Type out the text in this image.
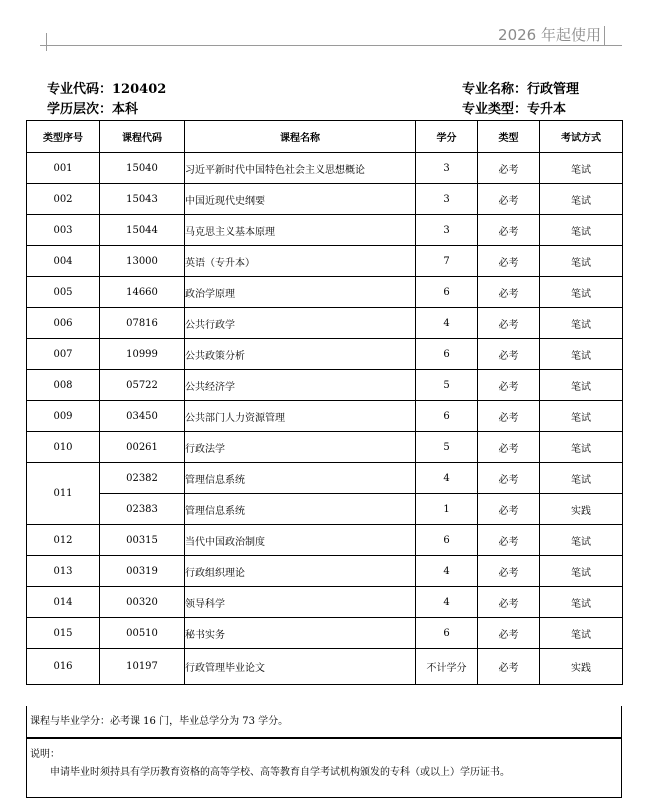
2026 年起使用
专业代码：120402
学历层次：本科
专业名称：行政管理
专业类型：专升本
类型序号	课程代码	课程名称	学分	类型	考试方式
001	15040	习近平新时代中国特色社会主义思想概论	3	必考	笔试
002	15043	中国近现代史纲要	3	必考	笔试
003	15044	马克思主义基本原理	3	必考	笔试
004	13000	英语（专升本）	7	必考	笔试
005	14660	政治学原理	6	必考	笔试
006	07816	公共行政学	4	必考	笔试
007	10999	公共政策分析	6	必考	笔试
008	05722	公共经济学	5	必考	笔试
009	03450	公共部门人力资源管理	6	必考	笔试
010	00261	行政法学	5	必考	笔试
011	02382	管理信息系统	4	必考	笔试
	02383	管理信息系统	1	必考	实践
012	00315	当代中国政治制度	6	必考	笔试
013	00319	行政组织理论	4	必考	笔试
014	00320	领导科学	4	必考	笔试
015	00510	秘书实务	6	必考	笔试
016	10197	行政管理毕业论文	不计学分	必考	实践
课程与毕业学分：必考课 16 门，毕业总学分为 73 学分。
说明：
申请毕业时须持具有学历教育资格的高等学校、高等教育自学考试机构颁发的专科（或以上）学历证书。
